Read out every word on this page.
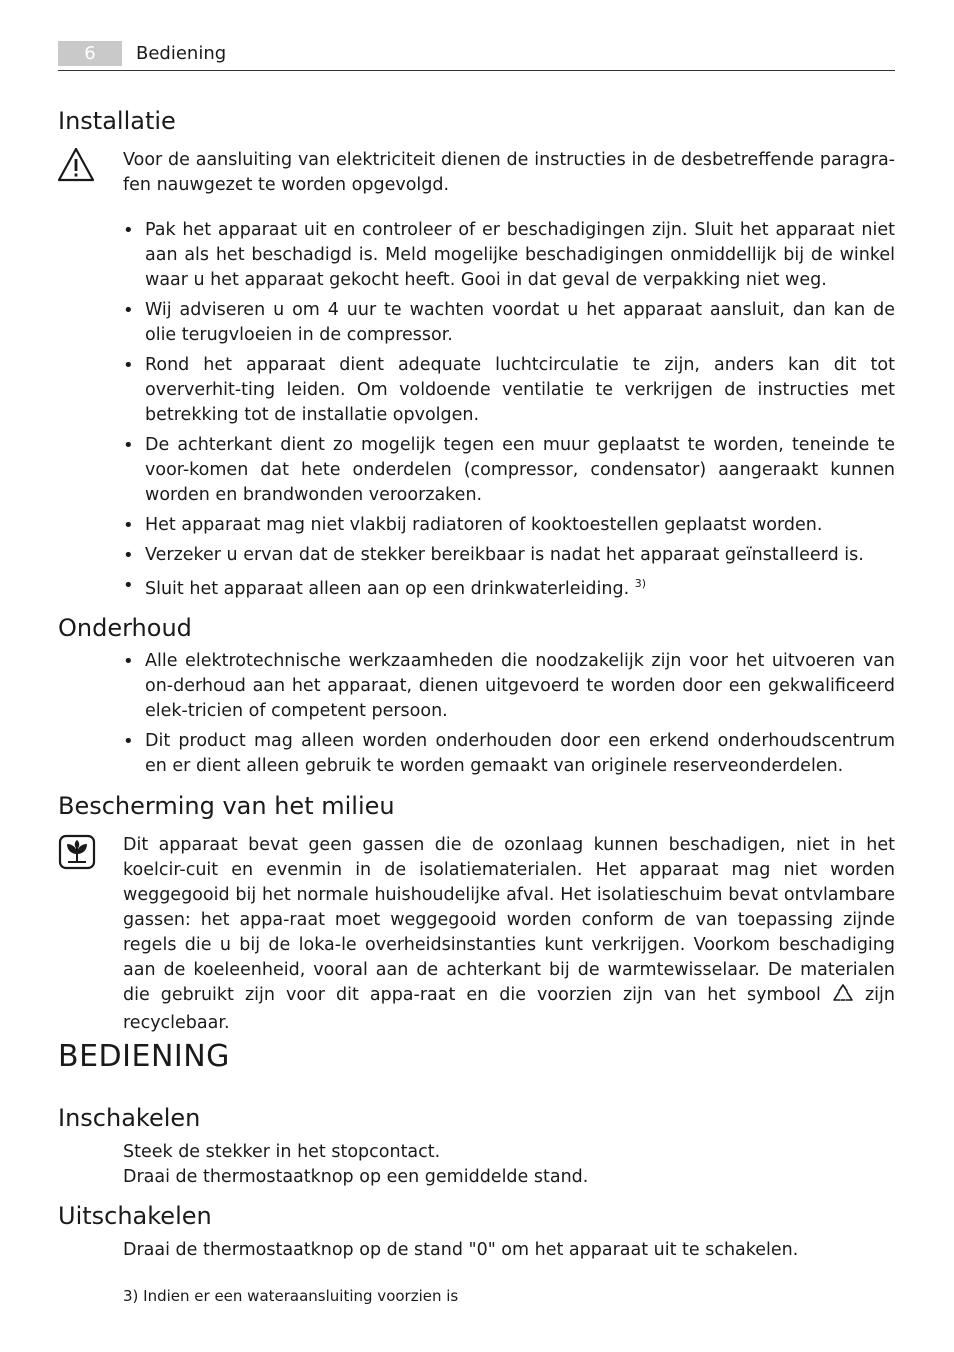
6	Bediening
Installatie

Voor de aansluiting van elektriciteit dienen de instructies in de desbetreffende paragra-fen nauwgezet te worden opgevolgd.

• Pak het apparaat uit en controleer of er beschadigingen zijn. Sluit het apparaat niet aan als het beschadigd is. Meld mogelijke beschadigingen onmiddellijk bij de winkel waar u het apparaat gekocht heeft. Gooi in dat geval de verpakking niet weg.
• Wij adviseren u om 4 uur te wachten voordat u het apparaat aansluit, dan kan de olie terugvloeien in de compressor.
• Rond het apparaat dient adequate luchtcirculatie te zijn, anders kan dit tot oververhit-ting leiden. Om voldoende ventilatie te verkrijgen de instructies met betrekking tot de installatie opvolgen.
• De achterkant dient zo mogelijk tegen een muur geplaatst te worden, teneinde te voor-komen dat hete onderdelen (compressor, condensator) aangeraakt kunnen worden en brandwonden veroorzaken.
• Het apparaat mag niet vlakbij radiatoren of kooktoestellen geplaatst worden.
• Verzeker u ervan dat de stekker bereikbaar is nadat het apparaat geïnstalleerd is.
• Sluit het apparaat alleen aan op een drinkwaterleiding. $^{3)}$
Onderhoud
• Alle elektrotechnische werkzaamheden die noodzakelijk zijn voor het uitvoeren van on-derhoud aan het apparaat, dienen uitgevoerd te worden door een gekwalificeerd elek-tricien of competent persoon.
• Dit product mag alleen worden onderhouden door een erkend onderhoudscentrum en er dient alleen gebruik te worden gemaakt van originele reserveonderdelen.
Bescherming van het milieu

Dit apparaat bevat geen gassen die de ozonlaag kunnen beschadigen, niet in het koelcir-cuit en evenmin in de isolatiematerialen. Het apparaat mag niet worden weggegooid bij het normale huishoudelijke afval. Het isolatieschuim bevat ontvlambare gassen: het appa-raat moet weggegooid worden conform de van toepassing zijnde regels die u bij de loka-le overheidsinstanties kunt verkrijgen. Voorkom beschadiging aan de koeleenheid, vooral aan de achterkant bij de warmtewisselaar. De materialen die gebruikt zijn voor dit appa-raat en die voorzien zijn van het symbool  zijn recyclebaar.

BEDIENING
Inschakelen

Steek de stekker in het stopcontact.

Draai de thermostaatknop op een gemiddelde stand.

Uitschakelen

Draai de thermostaatknop op de stand "0" om het apparaat uit te schakelen.

3) Indien er een wateraansluiting voorzien is
